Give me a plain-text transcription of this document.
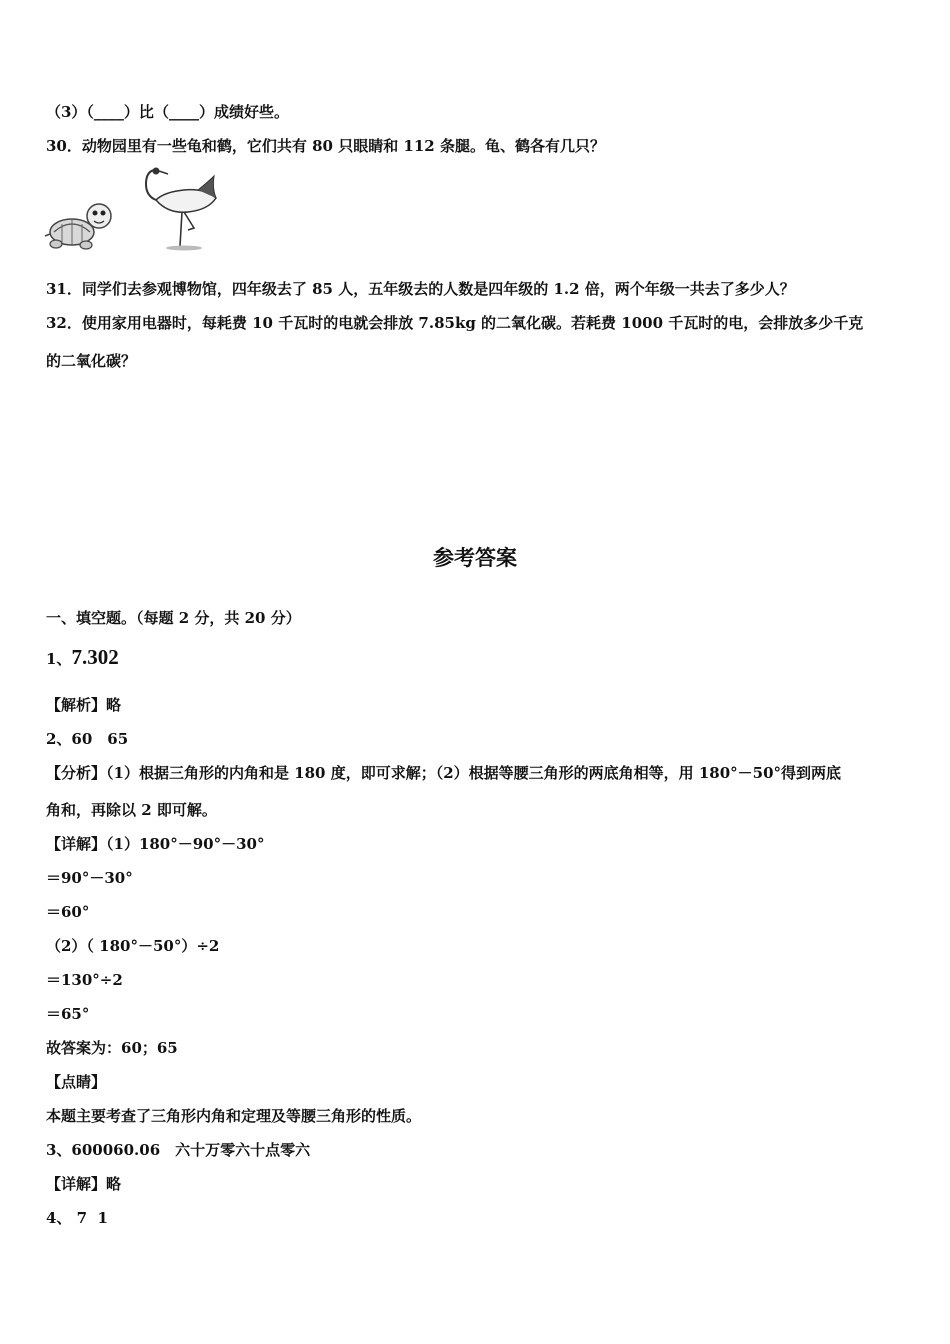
（3）（____）比（____）成绩好些。
30．动物园里有一些龟和鹤，它们共有 80 只眼睛和 112 条腿。龟、鹤各有几只？
31．同学们去参观博物馆，四年级去了 85 人，五年级去的人数是四年级的 1.2 倍，两个年级一共去了多少人？
32．使用家用电器时，每耗费 10 千瓦时的电就会排放 7.85kg 的二氧化碳。若耗费 1000 千瓦时的电，会排放多少千克
的二氧化碳？
参考答案
一、填空题。（每题 2 分，共 20 分）
1、7.302
【解析】略
2、60　65
【分析】（1）根据三角形的内角和是 180 度，即可求解；（2）根据等腰三角形的两底角相等，用 180°－50°得到两底
角和，再除以 2 即可解。
【详解】（1）180°－90°－30°
＝90°－30°
＝60°
（2）（ 180°－50°）÷2
＝130°÷2
＝65°
故答案为：60；65
【点睛】
本题主要考查了三角形内角和定理及等腰三角形的性质。
3、600060.06　六十万零六十点零六
【详解】略
4、 7  1
